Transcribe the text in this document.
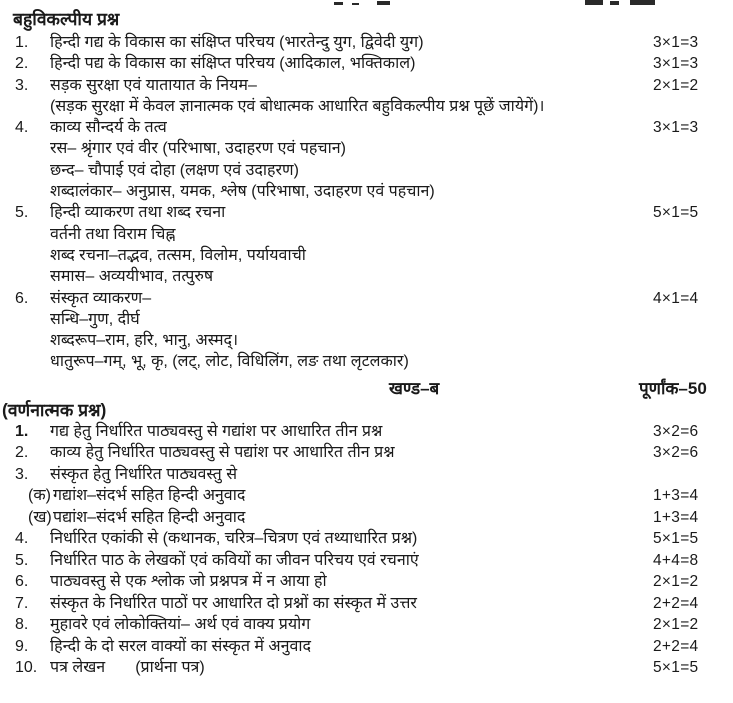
बहुविकल्पीय प्रश्न
1.	हिन्दी गद्य के विकास का संक्षिप्त परिचय (भारतेन्दु युग, द्विवेदी युग)	3×1=3
2.	हिन्दी पद्य के विकास का संक्षिप्त परिचय (आदिकाल, भक्तिकाल)	3×1=3
3.	सड़क सुरक्षा एवं यातायात के नियम–	2×1=2
(सड़क सुरक्षा में केवल ज्ञानात्मक एवं बोधात्मक आधारित बहुविकल्पीय प्रश्न पूछें जायेगें)।
4.	काव्य सौन्दर्य के तत्व	3×1=3
रस– श्रृंगार एवं वीर (परिभाषा, उदाहरण एवं पहचान)
छन्द– चौपाई एवं दोहा (लक्षण एवं उदाहरण)
शब्दालंकार– अनुप्रास, यमक, श्लेष (परिभाषा, उदाहरण एवं पहचान)
5.	हिन्दी व्याकरण तथा शब्द रचना	5×1=5
वर्तनी तथा विराम चिह्न
शब्द रचना–तद्भव, तत्सम, विलोम, पर्यायवाची
समास– अव्ययीभाव, तत्पुरुष
6.	संस्कृत व्याकरण–	4×1=4
सन्धि–गुण, दीर्घ
शब्दरूप–राम, हरि, भानु, अस्मद्।
धातुरूप–गम्, भू, कृ, (लट्, लोट, विधिलिंग, लङ तथा लृटलकार)
खण्ड–ब	पूर्णांक–50
(वर्णनात्मक प्रश्न)
1.	गद्य हेतु निर्धारित पाठ्यवस्तु से गद्यांश पर आधारित तीन प्रश्न	3×2=6
2.	काव्य हेतु निर्धारित पाठ्यवस्तु से पद्यांश पर आधारित तीन प्रश्न	3×2=6
3.	संस्कृत हेतु निर्धारित पाठ्यवस्तु से
(क) गद्यांश–संदर्भ सहित हिन्दी अनुवाद	1+3=4
(ख) पद्यांश–संदर्भ सहित हिन्दी अनुवाद	1+3=4
4.	निर्धारित एकांकी से (कथानक, चरित्र–चित्रण एवं तथ्याधारित प्रश्न)	5×1=5
5.	निर्धारित पाठ के लेखकों एवं कवियों का जीवन परिचय एवं रचनाएं	4+4=8
6.	पाठ्यवस्तु से एक श्लोक जो प्रश्नपत्र में न आया हो	2×1=2
7.	संस्कृत के निर्धारित पाठों पर आधारित दो प्रश्नों का संस्कृत में उत्तर	2+2=4
8.	मुहावरे एवं लोकोक्तियां– अर्थ एवं वाक्य प्रयोग	2×1=2
9.	हिन्दी के दो सरल वाक्यों का संस्कृत में अनुवाद	2+2=4
10. पत्र लेखन (प्रार्थना पत्र)	5×1=5
